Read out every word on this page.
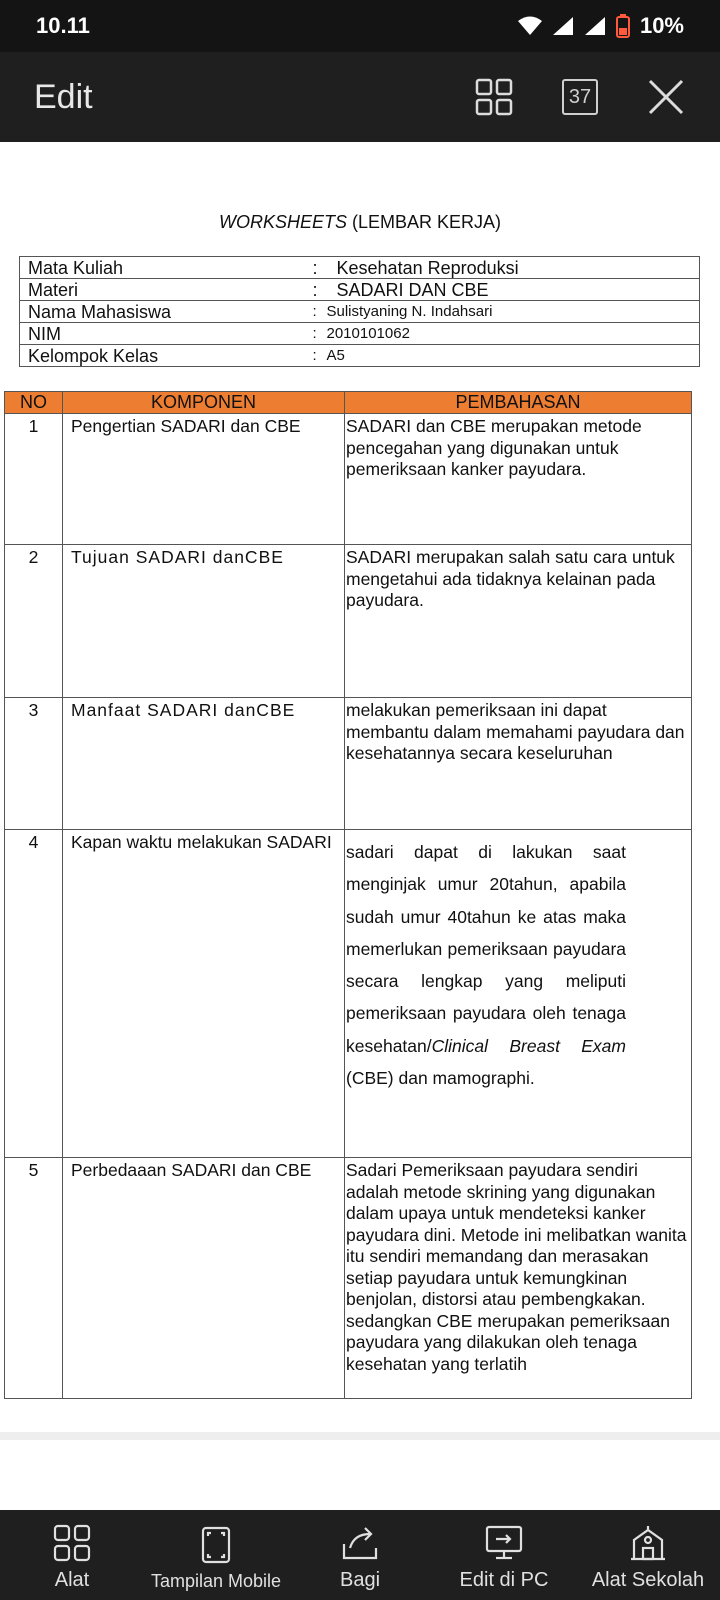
10.11	10%
Edit	37
WORKSHEETS (LEMBAR KERJA)
Mata Kuliah	: Kesehatan Reproduksi
Materi	: SADARI DAN CBE
Nama Mahasiswa	: Sulistyaning N. Indahsari
NIM	: 2010101062
Kelompok Kelas	: A5
NO	KOMPONEN	PEMBAHASAN
1	Pengertian SADARI dan CBE	SADARI dan CBE merupakan metode pencegahan yang digunakan untuk pemeriksaan kanker payudara.
2	Tujuan SADARI danCBE	SADARI merupakan salah satu cara untuk mengetahui ada tidaknya kelainan pada payudara.
3	Manfaat SADARI danCBE	melakukan pemeriksaan ini dapat membantu dalam memahami payudara dan kesehatannya secara keseluruhan
4	Kapan waktu melakukan SADARI	sadari dapat di lakukan saat menginjak umur 20tahun, apabila sudah umur 40tahun ke atas maka memerlukan pemeriksaan payudara secara lengkap yang meliputi pemeriksaan payudara oleh tenaga kesehatan/Clinical Breast Exam (CBE) dan mamographi.

5	Perbedaaan SADARI dan CBE	Sadari Pemeriksaan payudara sendiri adalah metode skrining yang digunakan dalam upaya untuk mendeteksi kanker payudara dini. Metode ini melibatkan wanita itu sendiri memandang dan merasakan setiap payudara untuk kemungkinan benjolan, distorsi atau pembengkakan.
sedangkan CBE merupakan pemeriksaan payudara yang dilakukan oleh tenaga kesehatan yang terlatih
Alat	Tampilan Mobile	Bagi	Edit di PC Alat Sekolah
